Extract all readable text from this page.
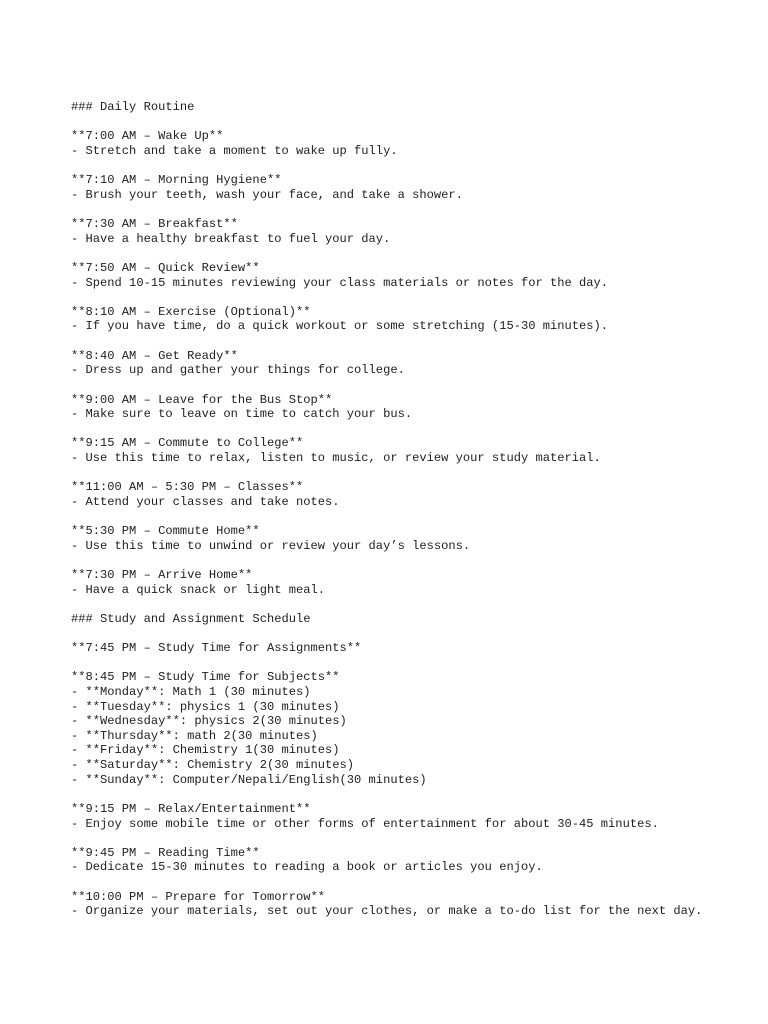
### Daily Routine
**7:00 AM – Wake Up**
- Stretch and take a moment to wake up fully.
**7:10 AM – Morning Hygiene**
- Brush your teeth, wash your face, and take a shower.
**7:30 AM – Breakfast**
- Have a healthy breakfast to fuel your day.
**7:50 AM – Quick Review**
- Spend 10-15 minutes reviewing your class materials or notes for the day.
**8:10 AM – Exercise (Optional)**
- If you have time, do a quick workout or some stretching (15-30 minutes).
**8:40 AM – Get Ready**
- Dress up and gather your things for college.
**9:00 AM – Leave for the Bus Stop**
- Make sure to leave on time to catch your bus.
**9:15 AM – Commute to College**
- Use this time to relax, listen to music, or review your study material.
**11:00 AM – 5:30 PM – Classes**
- Attend your classes and take notes.
**5:30 PM – Commute Home**
- Use this time to unwind or review your day’s lessons.
**7:30 PM – Arrive Home**
- Have a quick snack or light meal.
### Study and Assignment Schedule
**7:45 PM – Study Time for Assignments**
**8:45 PM – Study Time for Subjects**
- **Monday**: Math 1 (30 minutes)
- **Tuesday**: physics 1 (30 minutes)
- **Wednesday**: physics 2(30 minutes)
- **Thursday**: math 2(30 minutes)
- **Friday**: Chemistry 1(30 minutes)
- **Saturday**: Chemistry 2(30 minutes)
- **Sunday**: Computer/Nepali/English(30 minutes)
**9:15 PM – Relax/Entertainment**
- Enjoy some mobile time or other forms of entertainment for about 30-45 minutes.
**9:45 PM – Reading Time**
- Dedicate 15-30 minutes to reading a book or articles you enjoy.
**10:00 PM – Prepare for Tomorrow**
- Organize your materials, set out your clothes, or make a to-do list for the next day.
